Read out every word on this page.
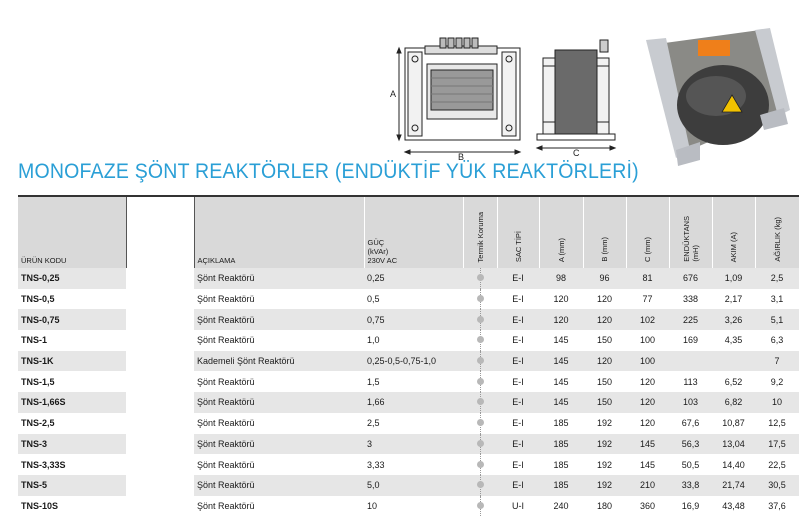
A
B	C
MONOFAZE ŞÖNT REAKTÖRLER (ENDÜKTİF YÜK REAKTÖRLERİ)
ÜRÜN KODU		AÇIKLAMA	GÜÇ
(kVAr)
230V AC	Termik Koruma	SAC TİPİ	A (mm)	B (mm)	C (mm)	ENDÜKTANS(mH)	AKIM (A)	AĞIRLIK (kg)
TNS-0,25		Şönt Reaktörü	0,25		E-I	98	96	81	676	1,09	2,5
TNS-0,5		Şönt Reaktörü	0,5		E-I	120	120	77	338	2,17	3,1
TNS-0,75		Şönt Reaktörü	0,75		E-I	120	120	102	225	3,26	5,1
TNS-1		Şönt Reaktörü	1,0		E-I	145	150	100	169	4,35	6,3
TNS-1K		Kademeli Şönt Reaktörü	0,25-0,5-0,75-1,0		E-I	145	120	100			7
TNS-1,5		Şönt Reaktörü	1,5		E-I	145	150	120	113	6,52	9,2
TNS-1,66S		Şönt Reaktörü	1,66		E-I	145	150	120	103	6,82	10
TNS-2,5		Şönt Reaktörü	2,5		E-I	185	192	120	67,6	10,87	12,5
TNS-3		Şönt Reaktörü	3		E-I	185	192	145	56,3	13,04	17,5
TNS-3,33S		Şönt Reaktörü	3,33		E-I	185	192	145	50,5	14,40	22,5
TNS-5		Şönt Reaktörü	5,0		E-I	185	192	210	33,8	21,74	30,5
TNS-10S		Şönt Reaktörü	10		U-I	240	180	360	16,9	43,48	37,6
